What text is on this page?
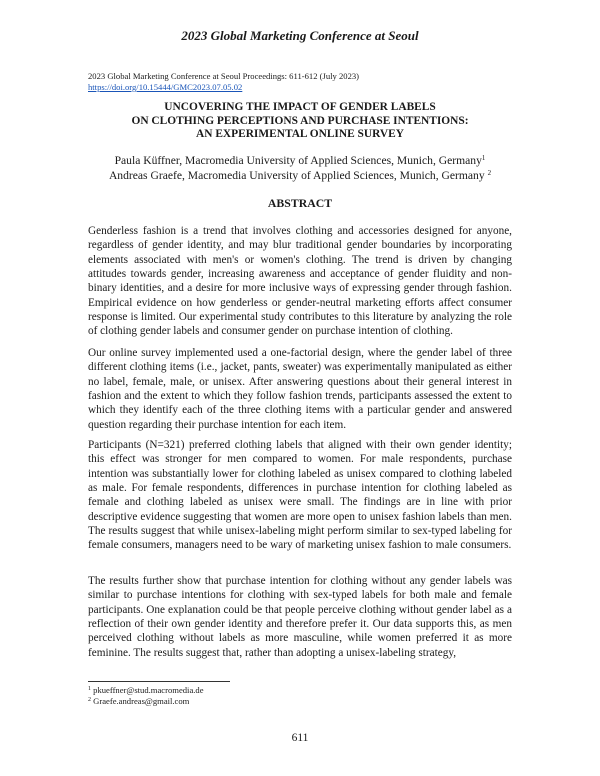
2023 Global Marketing Conference at Seoul
2023 Global Marketing Conference at Seoul Proceedings: 611-612 (July 2023)
https://doi.org/10.15444/GMC2023.07.05.02
UNCOVERING THE IMPACT OF GENDER LABELS
ON CLOTHING PERCEPTIONS AND PURCHASE INTENTIONS:
AN EXPERIMENTAL ONLINE SURVEY
Paula Küffner, Macromedia University of Applied Sciences, Munich, Germany$^1$
Andreas Graefe, Macromedia University of Applied Sciences, Munich, Germany $^2$
ABSTRACT

Genderless fashion is a trend that involves clothing and accessories designed for anyone, regardless of gender identity, and may blur traditional gender boundaries by incorporating elements associated with men's or women's clothing. The trend is driven by changing attitudes towards gender, increasing awareness and acceptance of gender fluidity and non-binary identities, and a desire for more inclusive ways of expressing gender through fashion. Empirical evidence on how genderless or gender-neutral marketing efforts affect consumer response is limited. Our experimental study contributes to this literature by analyzing the role of clothing gender labels and consumer gender on purchase intention of clothing.

Our online survey implemented used a one-factorial design, where the gender label of three different clothing items (i.e., jacket, pants, sweater) was experimentally manipulated as either no label, female, male, or unisex. After answering questions about their general interest in fashion and the extent to which they follow fashion trends, participants assessed the extent to which they identify each of the three clothing items with a particular gender and answered question regarding their purchase intention for each item.

Participants (N=321) preferred clothing labels that aligned with their own gender identity; this effect was stronger for men compared to women. For male respondents, purchase intention was substantially lower for clothing labeled as unisex compared to clothing labeled as male. For female respondents, differences in purchase intention for clothing labeled as female and clothing labeled as unisex were small. The findings are in line with prior descriptive evidence suggesting that women are more open to unisex fashion labels than men. The results suggest that while unisex-labeling might perform similar to sex-typed labeling for female consumers, managers need to be wary of marketing unisex fashion to male consumers.

The results further show that purchase intention for clothing without any gender labels was similar to purchase intentions for clothing with sex-typed labels for both male and female participants. One explanation could be that people perceive clothing without gender label as a reflection of their own gender identity and therefore prefer it. Our data supports this, as men perceived clothing without labels as more masculine, while women preferred it as more feminine. The results suggest that, rather than adopting a unisex-labeling strategy,

$^1$ pkueffner@stud.macromedia.de
$^2$ Graefe.andreas@gmail.com
611
